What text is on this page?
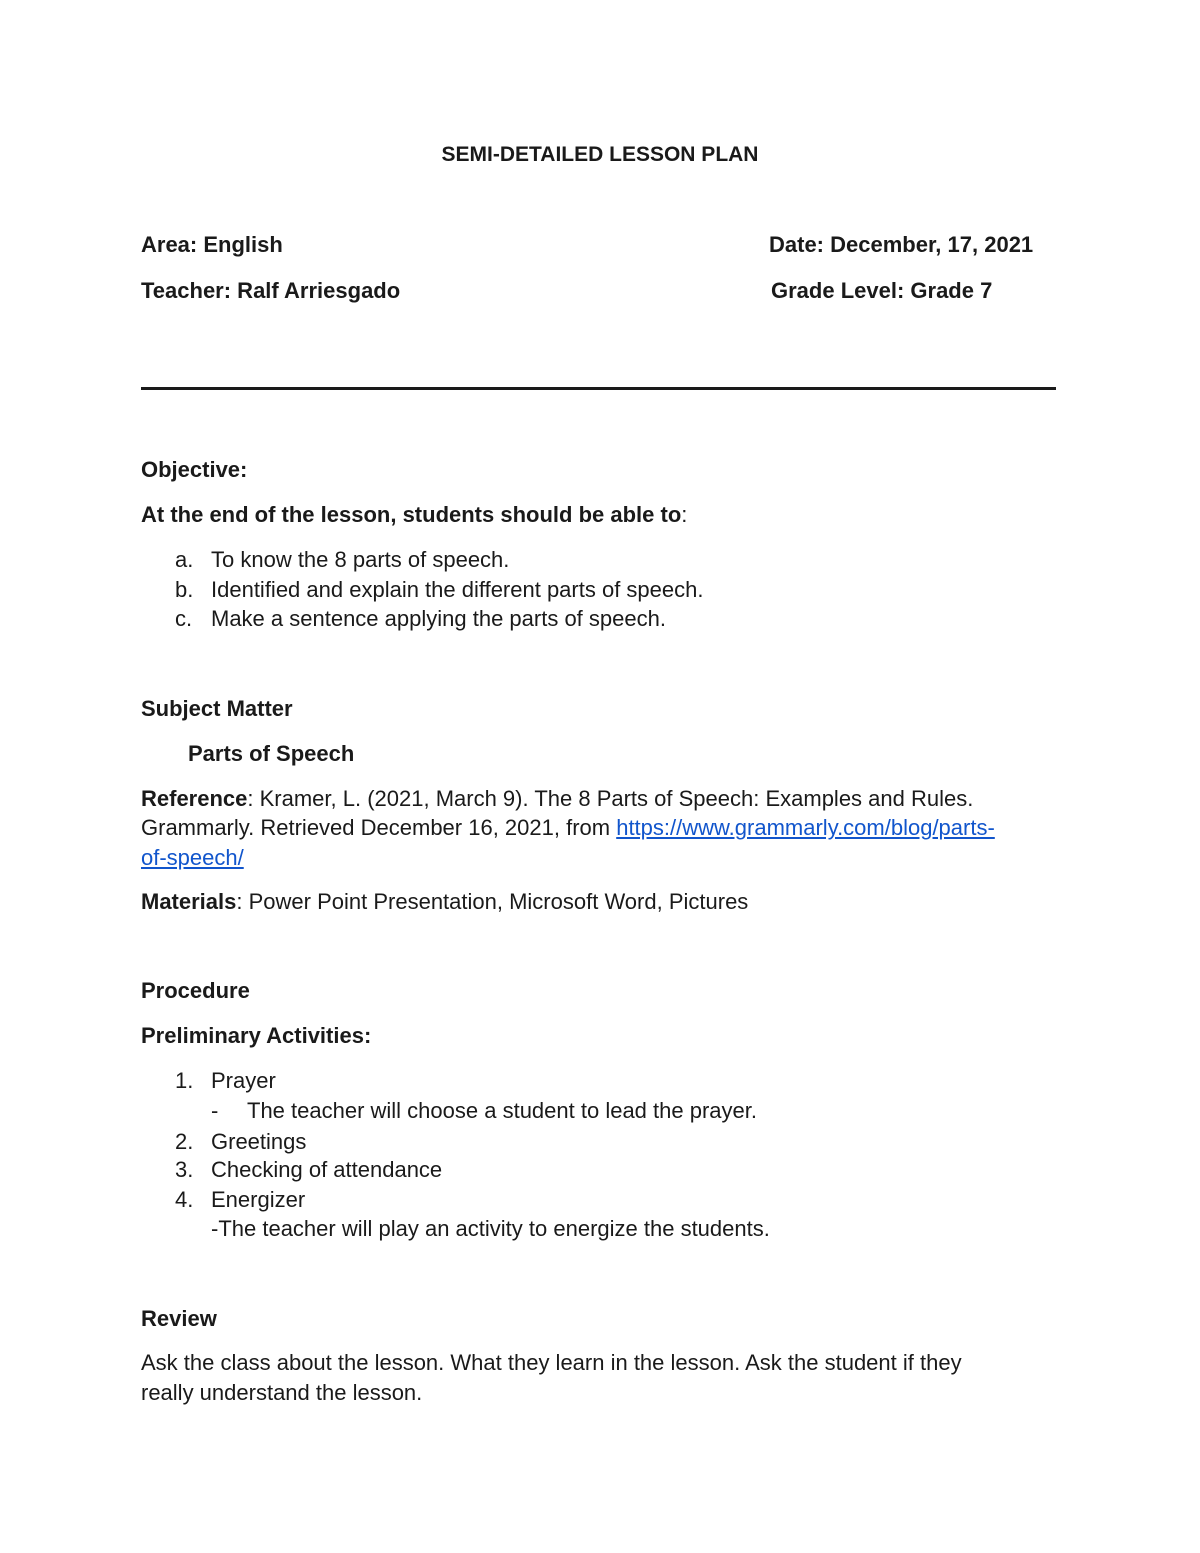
SEMI-DETAILED LESSON PLAN
Area: English	Date: December, 17, 2021
Teacher: Ralf Arriesgado	Grade Level: Grade 7
Objective:
At the end of the lesson, students should be able to:
a. To know the 8 parts of speech.
b. Identified and explain the different parts of speech.
c. Make a sentence applying the parts of speech.
Subject Matter
Parts of Speech
Reference: Kramer, L. (2021, March 9). The 8 Parts of Speech: Examples and Rules.
Grammarly. Retrieved December 16, 2021, from https://www.grammarly.com/blog/parts-
of-speech/
Materials: Power Point Presentation, Microsoft Word, Pictures
Procedure
Preliminary Activities:
1. Prayer
- The teacher will choose a student to lead the prayer.
2. Greetings
3. Checking of attendance
4. Energizer
-The teacher will play an activity to energize the students.
Review
Ask the class about the lesson. What they learn in the lesson. Ask the student if they
really understand the lesson.
